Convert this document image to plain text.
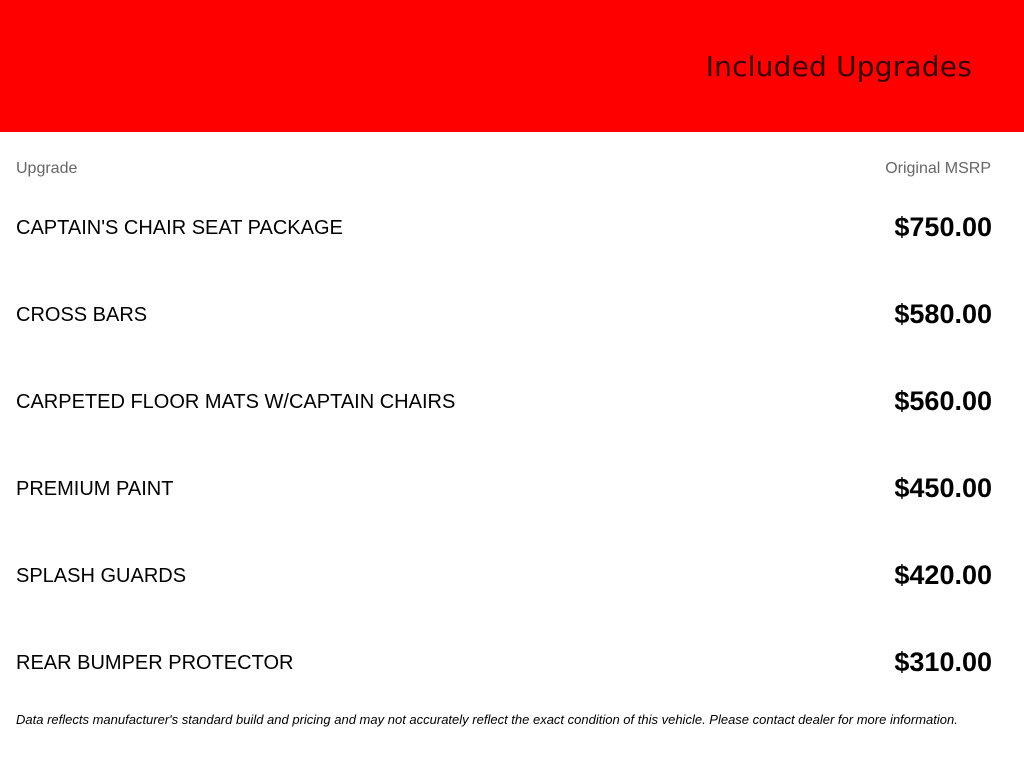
Included Upgrades
Upgrade	Original MSRP
CAPTAIN'S CHAIR SEAT PACKAGE	$750.00
CROSS BARS	$580.00
CARPETED FLOOR MATS W/CAPTAIN CHAIRS	$560.00
PREMIUM PAINT	$450.00
SPLASH GUARDS	$420.00
REAR BUMPER PROTECTOR	$310.00

Data reflects manufacturer's standard build and pricing and may not accurately reflect the exact condition of this vehicle. Please contact dealer for more information.
